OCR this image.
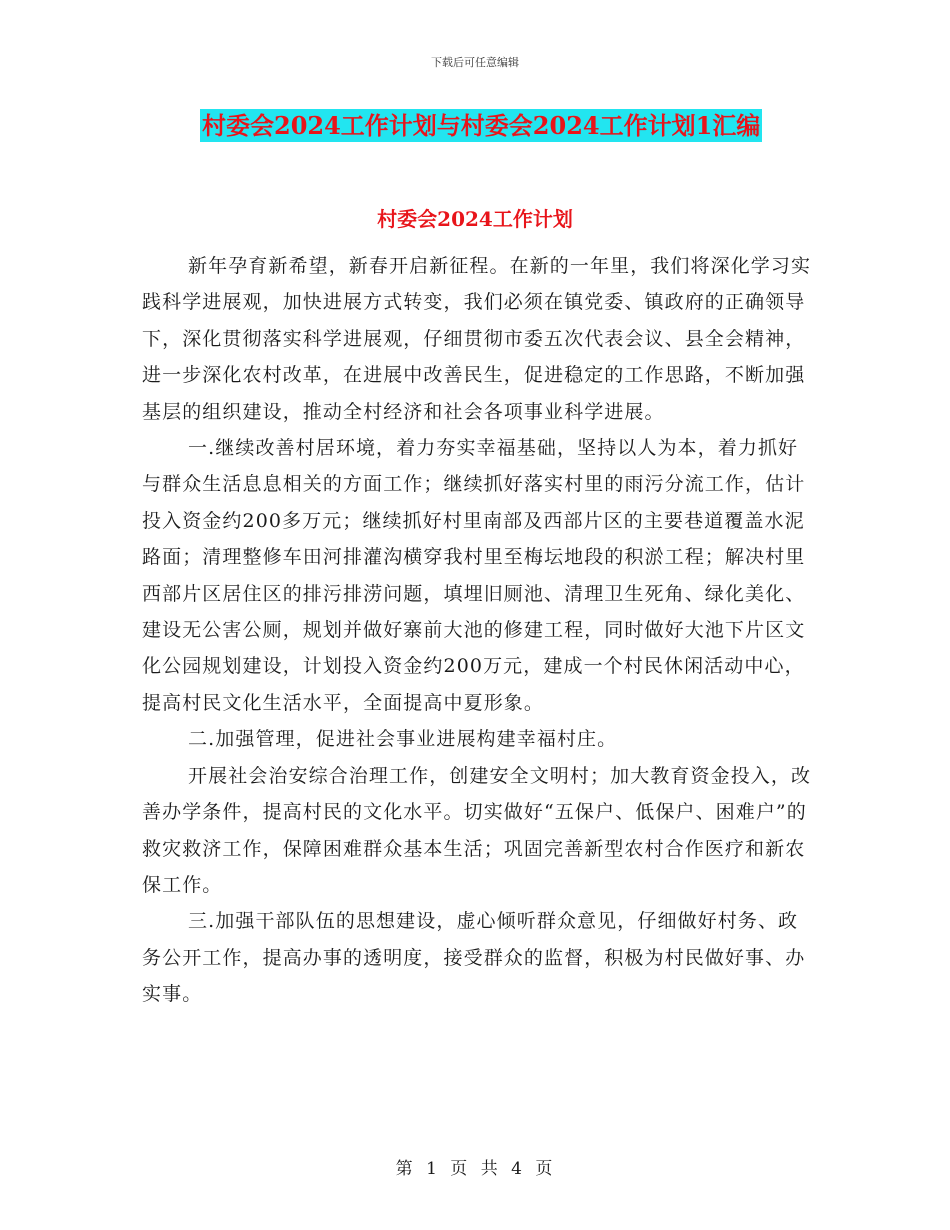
下载后可任意编辑
村委会2024工作计划与村委会2024工作计划1汇编
村委会2024工作计划

新年孕育新希望，新春开启新征程。在新的一年里，我们将深化学习实践科学进展观，加快进展方式转变，我们必须在镇党委、镇政府的正确领导下，深化贯彻落实科学进展观，仔细贯彻市委五次代表会议、县全会精神，进一步深化农村改革，在进展中改善民生，促进稳定的工作思路，不断加强基层的组织建设，推动全村经济和社会各项事业科学进展。

一.继续改善村居环境，着力夯实幸福基础，坚持以人为本，着力抓好与群众生活息息相关的方面工作；继续抓好落实村里的雨污分流工作，估计投入资金约200多万元；继续抓好村里南部及西部片区的主要巷道覆盖水泥路面；清理整修车田河排灌沟横穿我村里至梅坛地段的积淤工程；解决村里西部片区居住区的排污排涝问题，填埋旧厕池、清理卫生死角、绿化美化、建设无公害公厕，规划并做好寨前大池的修建工程，同时做好大池下片区文化公园规划建设，计划投入资金约200万元，建成一个村民休闲活动中心，提高村民文化生活水平，全面提高中夏形象。

二.加强管理，促进社会事业进展构建幸福村庄。

开展社会治安综合治理工作，创建安全文明村；加大教育资金投入，改善办学条件，提高村民的文化水平。切实做好“五保户、低保户、困难户”的救灾救济工作，保障困难群众基本生活；巩固完善新型农村合作医疗和新农保工作。

三.加强干部队伍的思想建设，虚心倾听群众意见，仔细做好村务、政务公开工作，提高办事的透明度，接受群众的监督，积极为村民做好事、办实事。

第 1 页 共 4 页
